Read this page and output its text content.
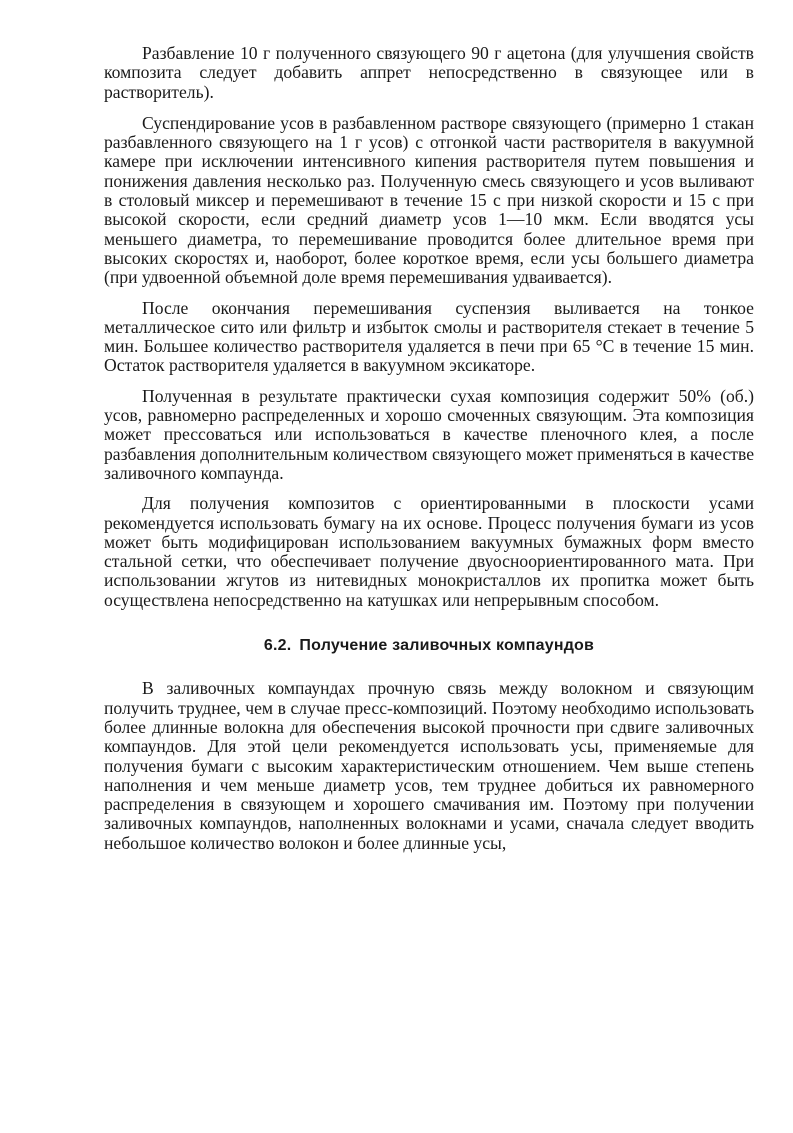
Разбавление 10 г полученного связующего 90 г ацетона (для улучшения свойств композита следует добавить аппрет непосредственно в связующее или в растворитель).

Суспендирование усов в разбавленном растворе связующего (примерно 1 стакан разбавленного связующего на 1 г усов) с отгонкой части растворителя в вакуумной камере при исключении интенсивного кипения растворителя путем повышения и понижения давления несколько раз. Полученную смесь связующего и усов выливают в столовый миксер и перемешивают в течение 15 с при низкой скорости и 15 с при высокой скорости, если средний диаметр усов 1—10 мкм. Если вводятся усы меньшего диаметра, то перемешивание проводится более длительное время при высоких скоростях и, наоборот, более короткое время, если усы большего диаметра (при удвоенной объемной доле время перемешивания удваивается).

После окончания перемешивания суспензия выливается на тонкое металлическое сито или фильтр и избыток смолы и растворителя стекает в течение 5 мин. Большее количество растворителя удаляется в печи при 65 °C в течение 15 мин. Остаток растворителя удаляется в вакуумном эксикаторе.

Полученная в результате практически сухая композиция содержит 50% (об.) усов, равномерно распределенных и хорошо смоченных связующим. Эта композиция может прессоваться или использоваться в качестве пленочного клея, а после разбавления дополнительным количеством связующего может применяться в качестве заливочного компаунда.

Для получения композитов с ориентированными в плоскости усами рекомендуется использовать бумагу на их основе. Процесс получения бумаги из усов может быть модифицирован использованием вакуумных бумажных форм вместо стальной сетки, что обеспечивает получение двуосноориентированного мата. При использовании жгутов из нитевидных монокристаллов их пропитка может быть осуществлена непосредственно на катушках или непрерывным способом.

6.2. Получение заливочных компаундов

В заливочных компаундах прочную связь между волокном и связующим получить труднее, чем в случае пресс-композиций. Поэтому необходимо использовать более длинные волокна для обеспечения высокой прочности при сдвиге заливочных компаундов. Для этой цели рекомендуется использовать усы, применяемые для получения бумаги с высоким характеристическим отношением. Чем выше степень наполнения и чем меньше диаметр усов, тем труднее добиться их равномерного распределения в связующем и хорошего смачивания им. Поэтому при получении заливочных компаундов, наполненных волокнами и усами, сначала следует вводить небольшое количество волокон и более длинные усы,
